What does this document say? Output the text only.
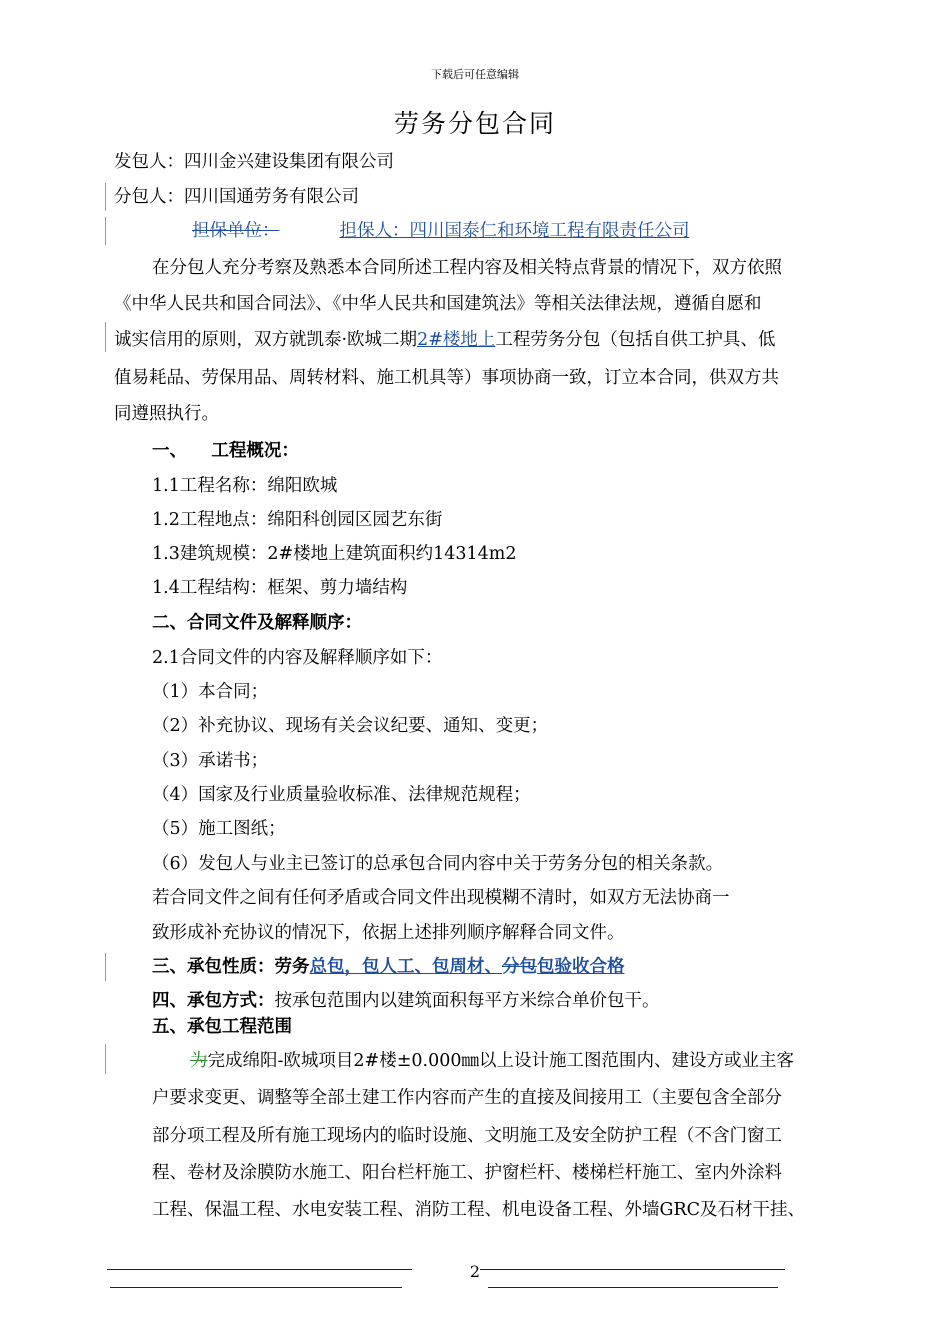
下载后可任意编辑
劳务分包合同
发包人：四川金兴建设集团有限公司
分包人：四川国通劳务有限公司
担保单位：	担保人：四川国泰仁和环境工程有限责任公司
在分包人充分考察及熟悉本合同所述工程内容及相关特点背景的情况下，双方依照
《中华人民共和国合同法》、《中华人民共和国建筑法》等相关法律法规，遵循自愿和
诚实信用的原则，双方就凯泰·欧城二期2#楼地上工程劳务分包（包括自供工护具、低
值易耗品、劳保用品、周转材料、施工机具等）事项协商一致，订立本合同，供双方共
同遵照执行。
一、    工程概况：
1.1工程名称：绵阳欧城
1.2工程地点：绵阳科创园区园艺东街
1.3建筑规模：2#楼地上建筑面积约14314m2
1.4工程结构：框架、剪力墙结构
二、合同文件及解释顺序：
2.1合同文件的内容及解释顺序如下：
（1）本合同；
（2）补充协议、现场有关会议纪要、通知、变更；
（3）承诺书；
（4）国家及行业质量验收标准、法律规范规程；
（5）施工图纸；
（6）发包人与业主已签订的总承包合同内容中关于劳务分包的相关条款。
若合同文件之间有任何矛盾或合同文件出现模糊不清时，如双方无法协商一
致形成补充协议的情况下，依据上述排列顺序解释合同文件。
三、承包性质：劳务总包，包人工、包周材、分包包验收合格
四、承包方式：按承包范围内以建筑面积每平方米综合单价包干。
五、承包工程范围
为完成绵阳-欧城项目2#楼±0.000㎜以上设计施工图范围内、建设方或业主客
户要求变更、调整等全部土建工作内容而产生的直接及间接用工（主要包含全部分
部分项工程及所有施工现场内的临时设施、文明施工及安全防护工程（不含门窗工
程、卷材及涂膜防水施工、阳台栏杆施工、护窗栏杆、楼梯栏杆施工、室内外涂料
工程、保温工程、水电安装工程、消防工程、机电设备工程、外墙GRC及石材干挂、
2
